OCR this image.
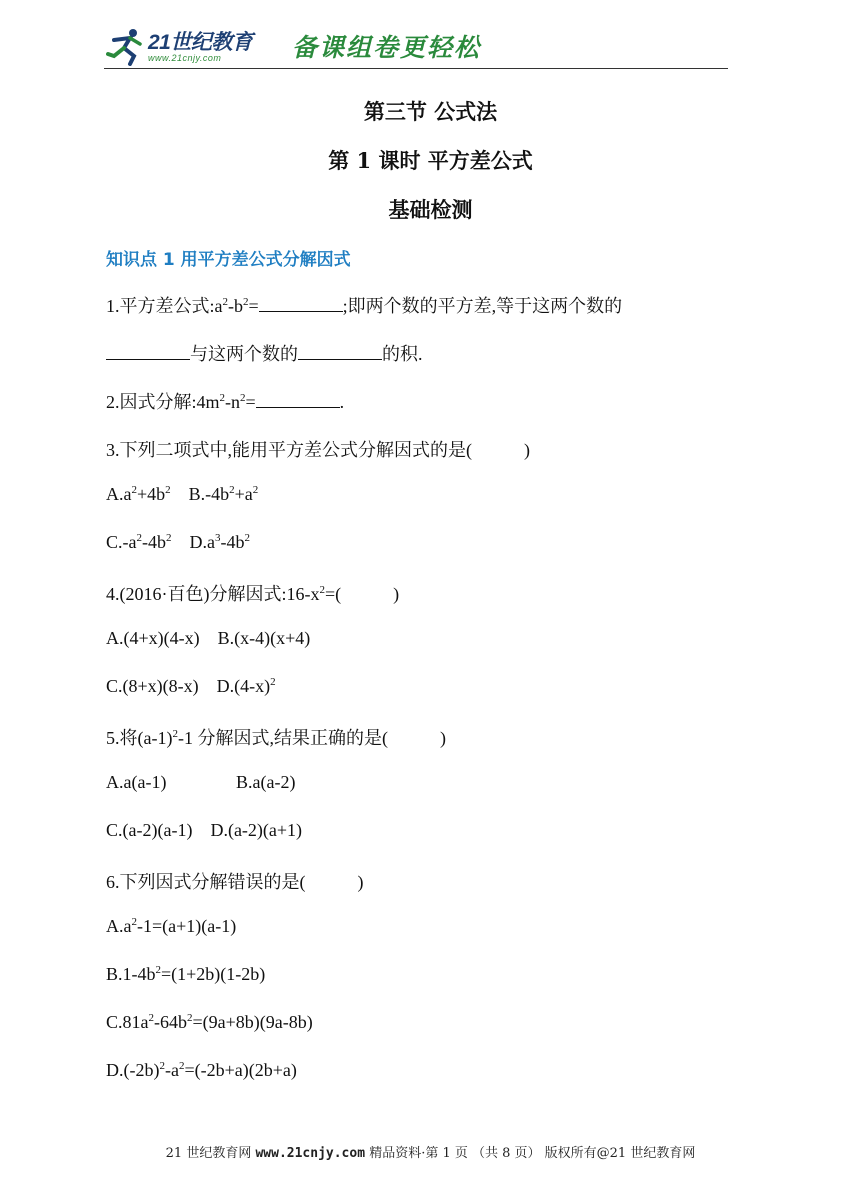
21世纪教育
www.21cnjy.com	备课组卷更轻松
第三节 公式法
第 1 课时 平方差公式
基础检测
知识点 1 用平方差公式分解因式
1.平方差公式$:a^2-b^2=$	;即两个数的平方差,等于这两个数的
与这两个数的	的积.
2.因式分解$:4m^2-n^2=$	.
3.下列二项式中,能用平方差公式分解因式的是(	)
$A.a^2+4b^2$ $B.-4b^2+a^2$
$C.-a^2-4b^2$ $D.a^3-4b^2$
4.(2016·百色)分解因式$:16-x^2=$(	)
A.(4+x)(4-x) B.(x-4)(x+4)
C.(8+x)(8-x) $D.(4-x)^2$
5.将$(a-1)^2-1$ 分解因式,结果正确的是(	)
A.a(a-1)	B.a(a-2)
C.(a-2)(a-1) D.(a-2)(a+1)
6.下列因式分解错误的是(	)
$A.a^2-1=(a+1)(a-1)$
$B.1-4b^2=(1+2b)(1-2b)$
$C.81a^2-64b^2=(9a+8b)(9a-8b)$
$D.(-2b)^2-a^2=(-2b+a)(2b+a)$
21 世纪教育网 www.21cnjy.com 精品资料·第 1 页 （共 8 页） 版权所有@21 世纪教育网
